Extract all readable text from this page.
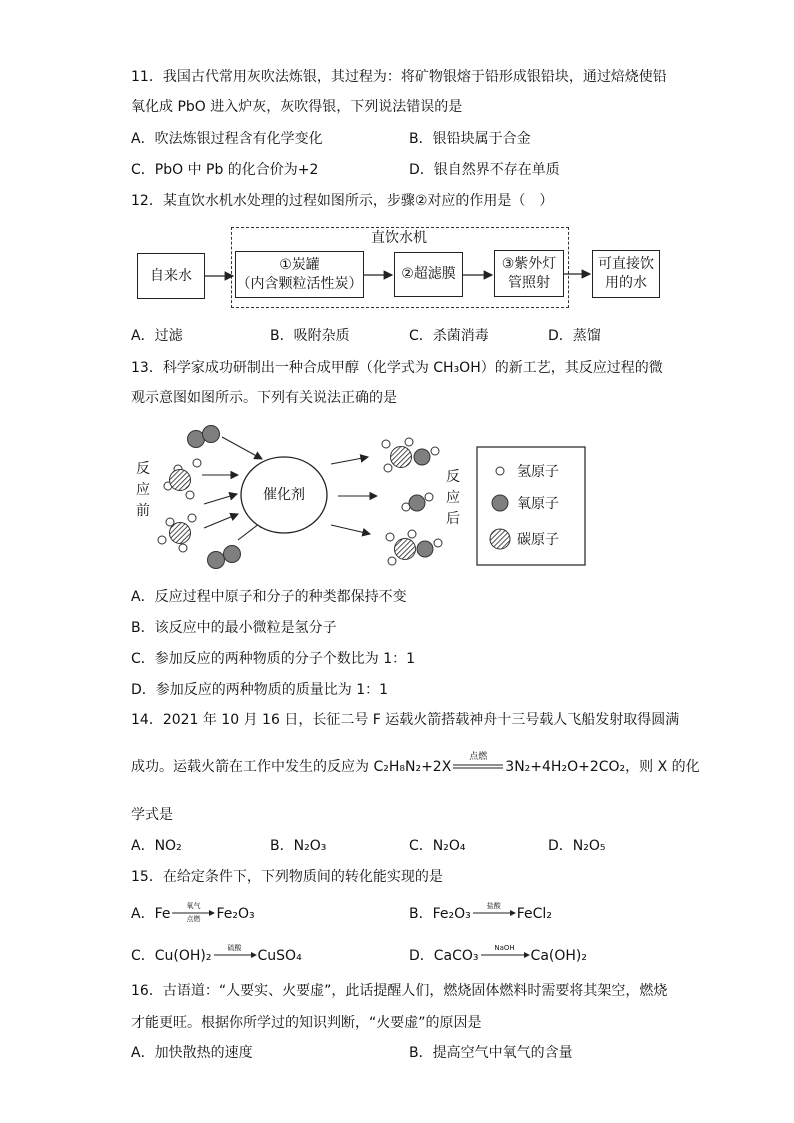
11．我国古代常用灰吹法炼银，其过程为：将矿物银熔于铅形成银铅块，通过焙烧使铅
氧化成 PbO 进入炉灰，灰吹得银，下列说法错误的是
A．吹法炼银过程含有化学变化	B．银铅块属于合金
C．PbO 中 Pb 的化合价为+2	D．银自然界不存在单质
12．某直饮水机水处理的过程如图所示，步骤②对应的作用是（　）
直饮水机
自来水
①炭罐
（内含颗粒活性炭）
②超滤膜
③紫外灯
管照射
可直接饮
用的水
A．过滤	B．吸附杂质	C．杀菌消毒	D．蒸馏
13．科学家成功研制出一种合成甲醇（化学式为 CH₃OH）的新工艺，其反应过程的微
观示意图如图所示。下列有关说法正确的是
反
应
前
反
应
后
催化剂
氢原子
氧原子
碳原子
A．反应过程中原子和分子的种类都保持不变
B．该反应中的最小微粒是氢分子
C．参加反应的两种物质的分子个数比为 1：1
D．参加反应的两种物质的质量比为 1：1
14．2021 年 10 月 16 日，长征二号 F 运载火箭搭载神舟十三号载人飞船发射取得圆满
成功。运载火箭在工作中发生的反应为 C₂H₈N₂+2X
点燃
3N₂+4H₂O+2CO₂，则 X 的化
学式是
A．NO₂	B．N₂O₃	C．N₂O₄	D．N₂O₅
15．在给定条件下，下列物质间的转化能实现的是
A．Fe	氧气
点燃	Fe₂O₃	B．Fe₂O₃	盐酸	FeCl₂
C．Cu(OH)₂	硫酸	CuSO₄	D．CaCO₃	NaOH	Ca(OH)₂
16．古语道：“人要实、火要虚”，此话提醒人们，燃烧固体燃料时需要将其架空，燃烧
才能更旺。根据你所学过的知识判断，“火要虚”的原因是
A．加快散热的速度	B．提高空气中氧气的含量
